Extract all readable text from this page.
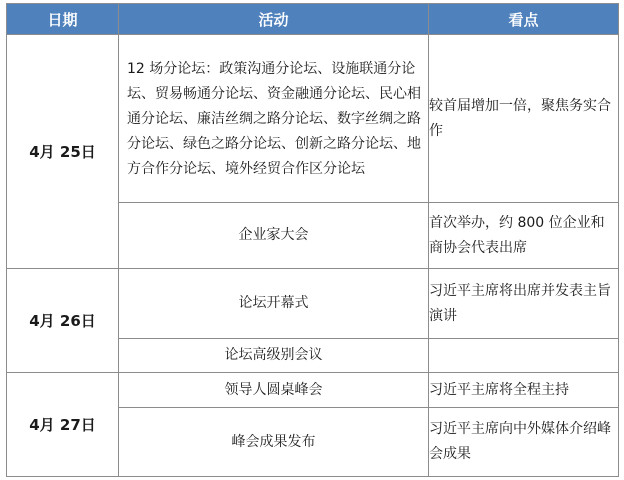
日期	活动	看点
4月 25日	12 场分论坛：政策沟通分论坛、设施联通分论坛、贸易畅通分论坛、资金融通分论坛、民心相通分论坛、廉洁丝绸之路分论坛、数字丝绸之路分论坛、绿色之路分论坛、创新之路分论坛、地方合作分论坛、境外经贸合作区分论坛	较首届增加一倍，聚焦务实合作
	企业家大会	首次举办，约 800 位企业和商协会代表出席
4月 26日	论坛开幕式	习近平主席将出席并发表主旨演讲
	论坛高级别会议	
4月 27日	领导人圆桌峰会	习近平主席将全程主持
	峰会成果发布	习近平主席向中外媒体介绍峰会成果
